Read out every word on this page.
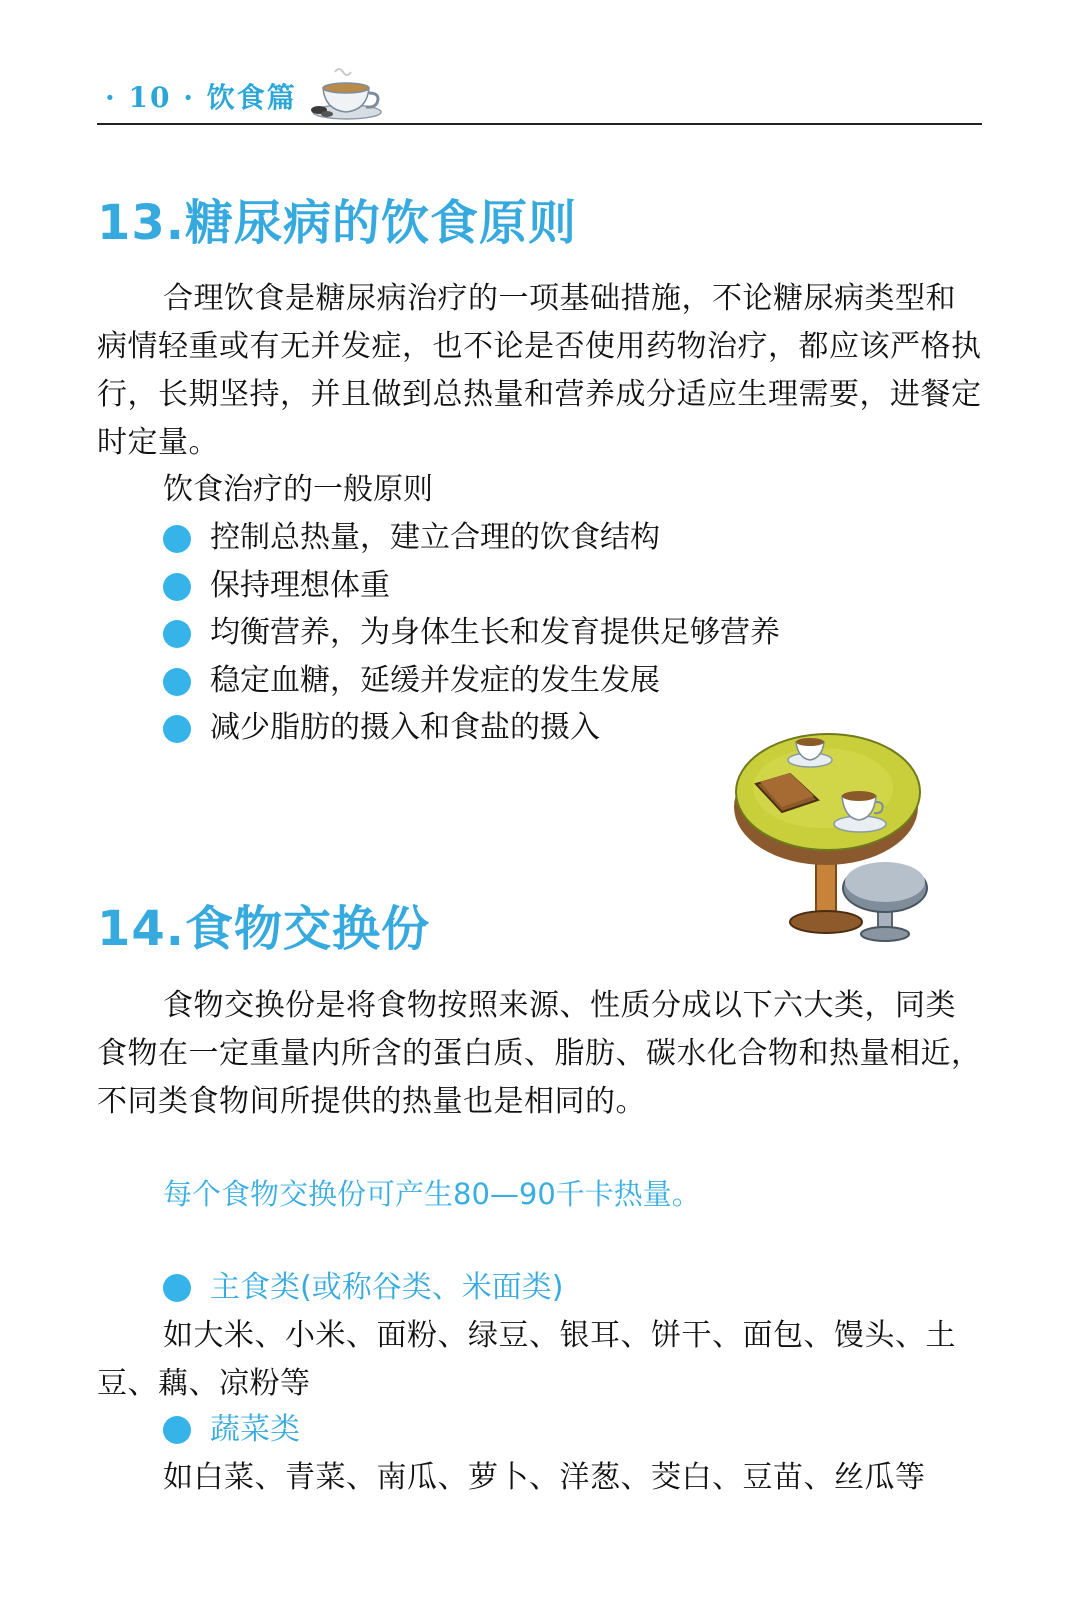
· 10 · 饮食篇
13.糖尿病的饮食原则

合理饮食是糖尿病治疗的一项基础措施，不论糖尿病类型和病情轻重或有无并发症，也不论是否使用药物治疗，都应该严格执行，长期坚持，并且做到总热量和营养成分适应生理需要，进餐定时定量。

饮食治疗的一般原则
控制总热量，建立合理的饮食结构
保持理想体重
均衡营养，为身体生长和发育提供足够营养
稳定血糖，延缓并发症的发生发展
减少脂肪的摄入和食盐的摄入
14.食物交换份

食物交换份是将食物按照来源、性质分成以下六大类，同类食物在一定重量内所含的蛋白质、脂肪、碳水化合物和热量相近，不同类食物间所提供的热量也是相同的。

每个食物交换份可产生80—90千卡热量。
主食类(或称谷类、米面类)

如大米、小米、面粉、绿豆、银耳、饼干、面包、馒头、土豆、藕、凉粉等

蔬菜类

如白菜、青菜、南瓜、萝卜、洋葱、茭白、豆苗、丝瓜等
